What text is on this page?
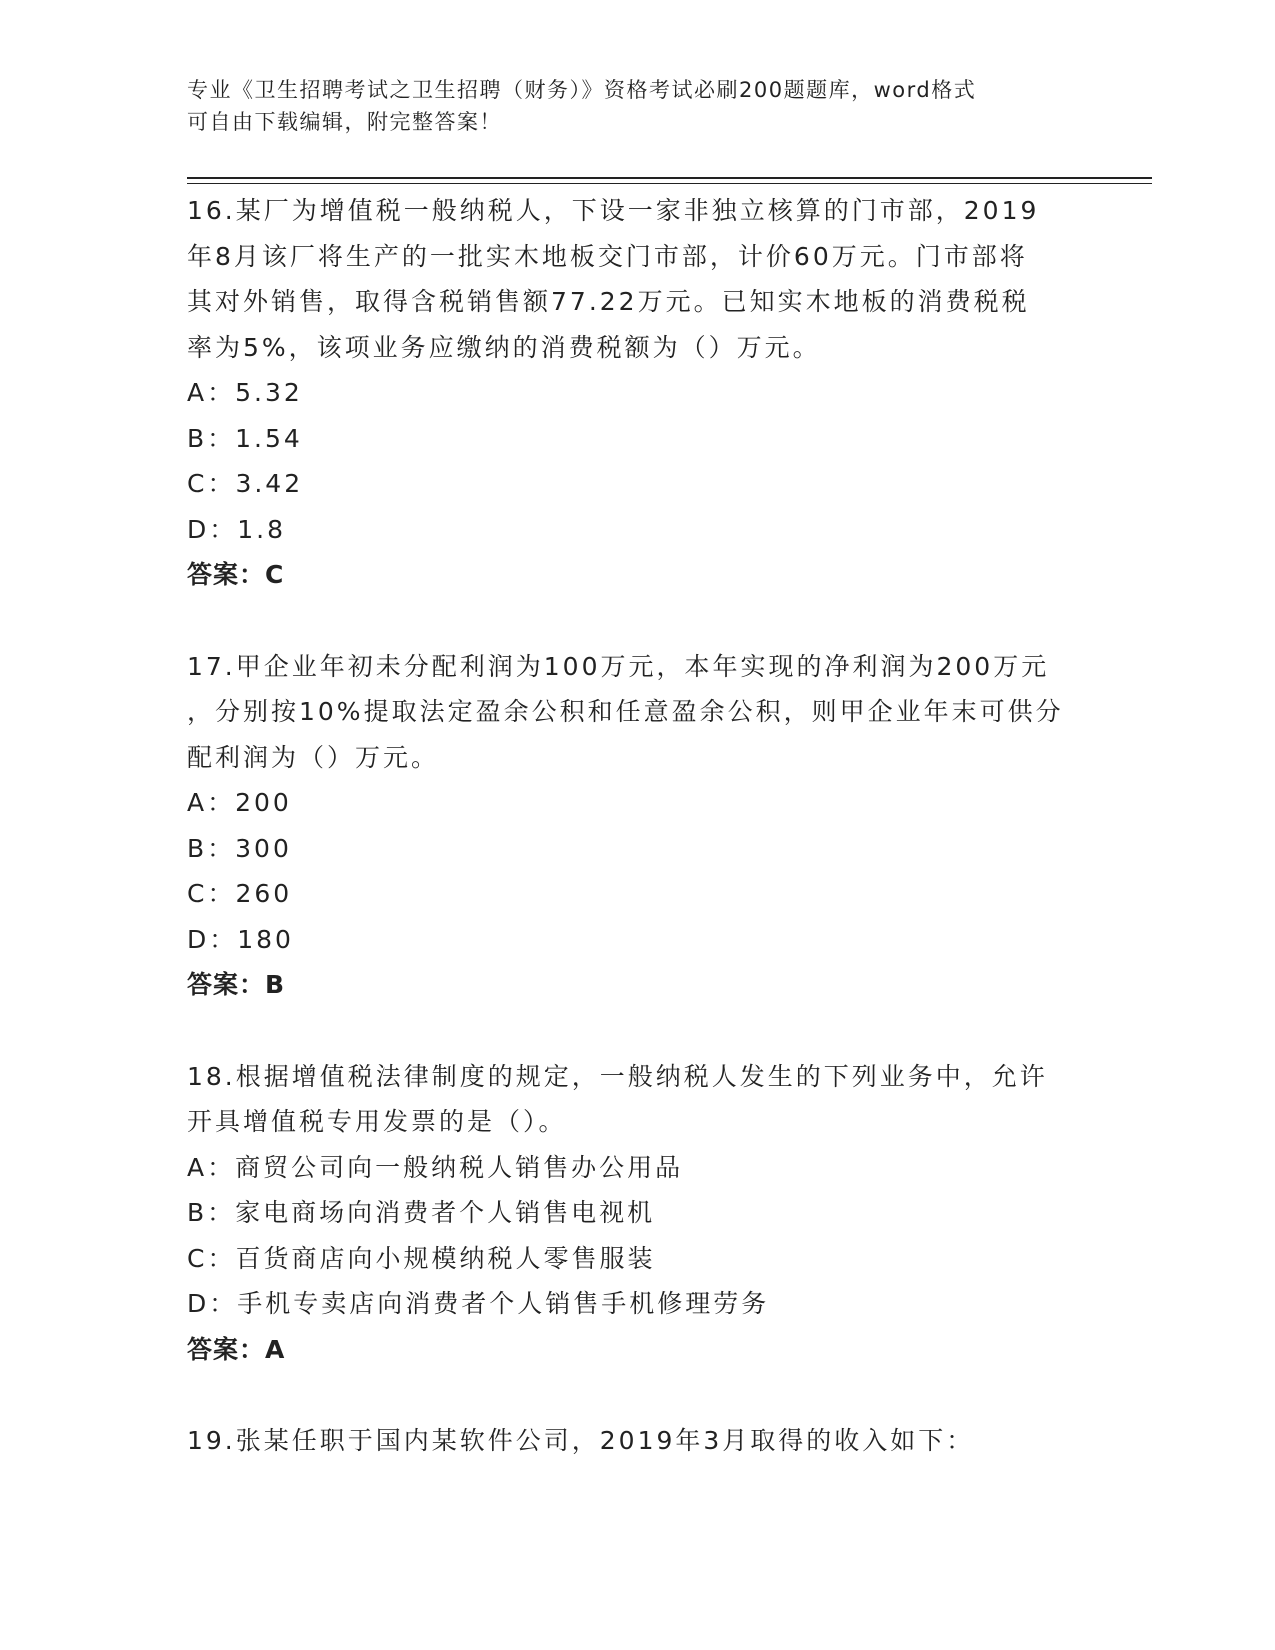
专业《卫生招聘考试之卫生招聘（财务）》资格考试必刷200题题库，word格式
可自由下载编辑，附完整答案！
16.某厂为增值税一般纳税人，下设一家非独立核算的门市部，2019
年8月该厂将生产的一批实木地板交门市部，计价60万元。门市部将
其对外销售，取得含税销售额77.22万元。已知实木地板的消费税税
率为5%，该项业务应缴纳的消费税额为（）万元。
A：5.32
B：1.54
C：3.42
D：1.8
答案：C
17.甲企业年初未分配利润为100万元，本年实现的净利润为200万元
，分别按10%提取法定盈余公积和任意盈余公积，则甲企业年末可供分
配利润为（）万元。
A：200
B：300
C：260
D：180
答案：B
18.根据增值税法律制度的规定，一般纳税人发生的下列业务中，允许
开具增值税专用发票的是（）。
A：商贸公司向一般纳税人销售办公用品
B：家电商场向消费者个人销售电视机
C：百货商店向小规模纳税人零售服装
D：手机专卖店向消费者个人销售手机修理劳务
答案：A
19.张某任职于国内某软件公司，2019年3月取得的收入如下：
